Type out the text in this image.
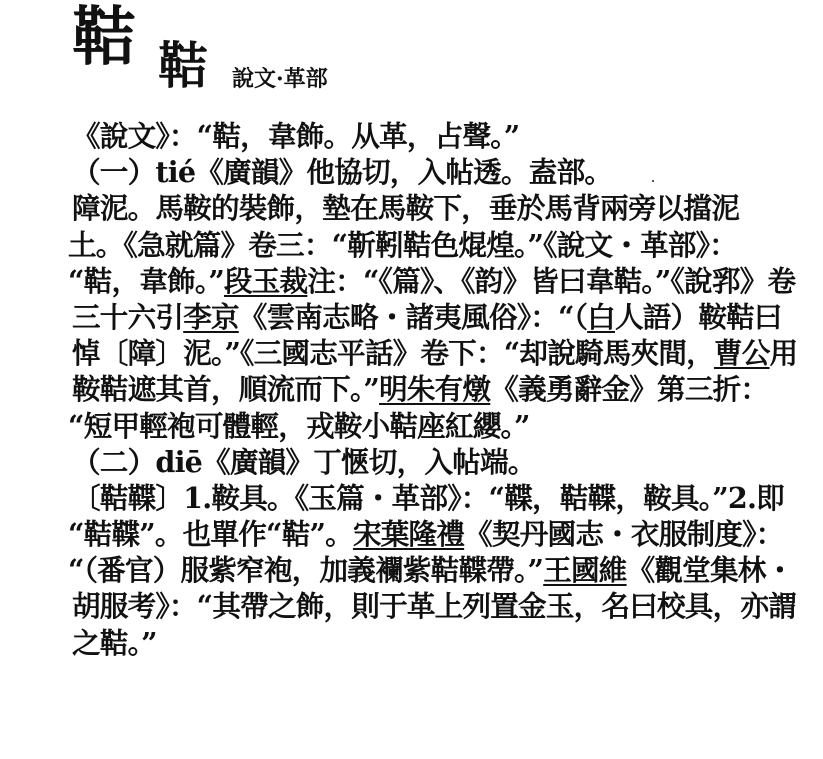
鞊 鞊 說文·革部
《說文》：“鞊，韋飾。从革，占聲。”
（一）tié《廣韻》他協切，入帖透。盍部。
障泥。馬鞍的裝飾，墊在馬鞍下，垂於馬背兩旁以擋泥
土。《急就篇》卷三：“靳靷鞊色焜煌。”《說文・革部》：
“鞊，韋飾。”段玉裁注：“《篇》、《韵》皆曰韋鞊。”《說郛》卷
三十六引李京《雲南志略・諸夷風俗》：“（白人語）鞍鞊曰
悼〔障〕泥。”《三國志平話》卷下：“却說騎馬夾間，曹公用
鞍鞊遮其首，順流而下。”明朱有燉《義勇辭金》第三折：
“短甲輕袍可體輕，戎鞍小鞊座紅纓。”
（二）diē《廣韻》丁愜切，入帖端。
〔鞊鞢〕1.鞍具。《玉篇・革部》：“鞢，鞊鞢，鞍具。”2.即
“鞊鞢”。也單作“鞊”。宋葉隆禮《契丹國志・衣服制度》：
“（番官）服紫窄袍，加義襴紫鞊鞢帶。”王國維《觀堂集林・
胡服考》：“其帶之飾，則于革上列置金玉，名曰校具，亦謂
之鞊。”
